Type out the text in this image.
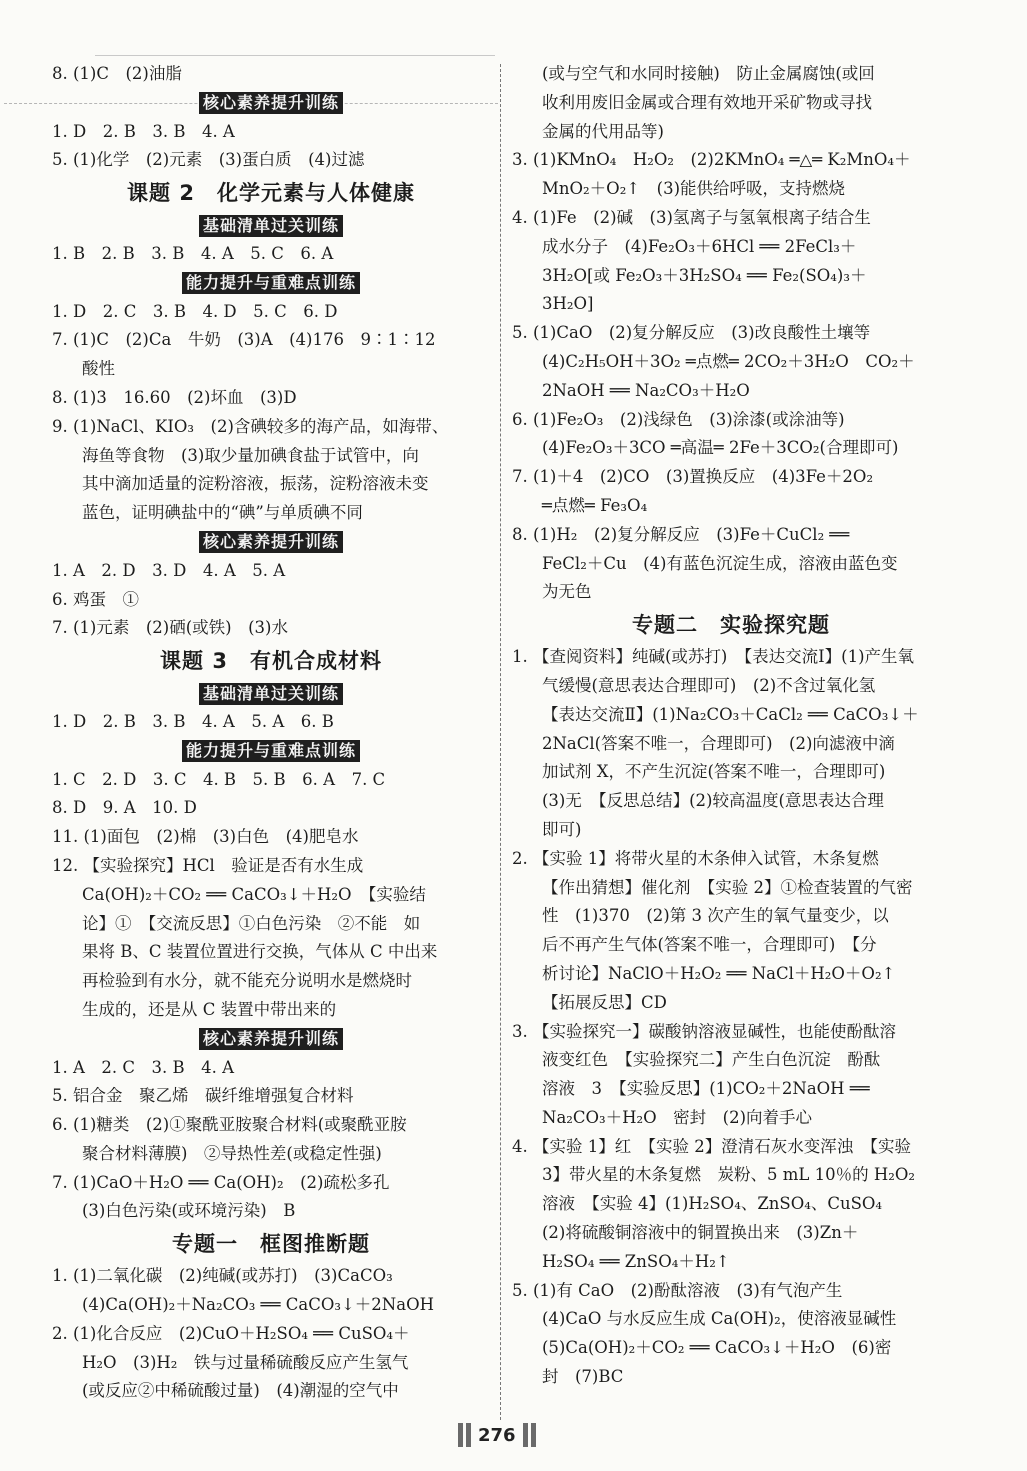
8. (1)C　(2)油脂
核心素养提升训练
1. D　2. B　3. B　4. A
5. (1)化学　(2)元素　(3)蛋白质　(4)过滤
课题 2　化学元素与人体健康
基础清单过关训练
1. B　2. B　3. B　4. A　5. C　6. A
能力提升与重难点训练
1. D　2. C　3. B　4. D　5. C　6. D
7. (1)C　(2)Ca　牛奶　(3)A　(4)176　9∶1∶12
酸性
8. (1)3　16.60　(2)坏血　(3)D
9. (1)NaCl、KIO₃　(2)含碘较多的海产品，如海带、
海鱼等食物　(3)取少量加碘食盐于试管中，向
其中滴加适量的淀粉溶液，振荡，淀粉溶液未变
蓝色，证明碘盐中的“碘”与单质碘不同
核心素养提升训练
1. A　2. D　3. D　4. A　5. A
6. 鸡蛋　①
7. (1)元素　(2)硒(或铁)　(3)水
课题 3　有机合成材料
基础清单过关训练
1. D　2. B　3. B　4. A　5. A　6. B
能力提升与重难点训练
1. C　2. D　3. C　4. B　5. B　6. A　7. C
8. D　9. A　10. D
11. (1)面包　(2)棉　(3)白色　(4)肥皂水
12. 【实验探究】HCl　验证是否有水生成
Ca(OH)₂＋CO₂ ══ CaCO₃↓＋H₂O　【实验结
论】①　【交流反思】①白色污染　②不能　如
果将 B、C 装置位置进行交换，气体从 C 中出来
再检验到有水分，就不能充分说明水是燃烧时
生成的，还是从 C 装置中带出来的
核心素养提升训练
1. A　2. C　3. B　4. A
5. 铝合金　聚乙烯　碳纤维增强复合材料
6. (1)糖类　(2)①聚酰亚胺聚合材料(或聚酰亚胺
聚合材料薄膜)　②导热性差(或稳定性强)
7. (1)CaO＋H₂O ══ Ca(OH)₂　(2)疏松多孔
(3)白色污染(或环境污染)　B
专题一　框图推断题
1. (1)二氧化碳　(2)纯碱(或苏打)　(3)CaCO₃
(4)Ca(OH)₂＋Na₂CO₃ ══ CaCO₃↓＋2NaOH
2. (1)化合反应　(2)CuO＋H₂SO₄ ══ CuSO₄＋
H₂O　(3)H₂　铁与过量稀硫酸反应产生氢气
(或反应②中稀硫酸过量)　(4)潮湿的空气中
(或与空气和水同时接触)　防止金属腐蚀(或回
收利用废旧金属或合理有效地开采矿物或寻找
金属的代用品等)
3. (1)KMnO₄　H₂O₂　(2)2KMnO₄ ═△═ K₂MnO₄＋
MnO₂＋O₂↑　(3)能供给呼吸，支持燃烧
4. (1)Fe　(2)碱　(3)氢离子与氢氧根离子结合生
成水分子　(4)Fe₂O₃＋6HCl ══ 2FeCl₃＋
3H₂O[或 Fe₂O₃＋3H₂SO₄ ══ Fe₂(SO₄)₃＋
3H₂O]
5. (1)CaO　(2)复分解反应　(3)改良酸性土壤等
(4)C₂H₅OH＋3O₂ ═点燃═ 2CO₂＋3H₂O　CO₂＋
2NaOH ══ Na₂CO₃＋H₂O
6. (1)Fe₂O₃　(2)浅绿色　(3)涂漆(或涂油等)
(4)Fe₂O₃＋3CO ═高温═ 2Fe＋3CO₂(合理即可)
7. (1)＋4　(2)CO　(3)置换反应　(4)3Fe＋2O₂
═点燃═ Fe₃O₄
8. (1)H₂　(2)复分解反应　(3)Fe＋CuCl₂ ══
FeCl₂＋Cu　(4)有蓝色沉淀生成，溶液由蓝色变
为无色
专题二　实验探究题
1. 【查阅资料】纯碱(或苏打)　【表达交流Ⅰ】(1)产生氧
气缓慢(意思表达合理即可)　(2)不含过氧化氢
【表达交流Ⅱ】(1)Na₂CO₃＋CaCl₂ ══ CaCO₃↓＋
2NaCl(答案不唯一，合理即可)　(2)向滤液中滴
加试剂 X，不产生沉淀(答案不唯一，合理即可)
(3)无　【反思总结】(2)较高温度(意思表达合理
即可)
2. 【实验 1】将带火星的木条伸入试管，木条复燃
【作出猜想】催化剂　【实验 2】①检查装置的气密
性　(1)370　(2)第 3 次产生的氧气量变少，以
后不再产生气体(答案不唯一，合理即可)　【分
析讨论】NaClO＋H₂O₂ ══ NaCl＋H₂O＋O₂↑
【拓展反思】CD
3. 【实验探究一】碳酸钠溶液显碱性，也能使酚酞溶
液变红色　【实验探究二】产生白色沉淀　酚酞
溶液　3　【实验反思】(1)CO₂＋2NaOH ══
Na₂CO₃＋H₂O　密封　(2)向着手心
4. 【实验 1】红　【实验 2】澄清石灰水变浑浊　【实验
3】带火星的木条复燃　炭粉、5 mL 10％的 H₂O₂
溶液　【实验 4】(1)H₂SO₄、ZnSO₄、CuSO₄
(2)将硫酸铜溶液中的铜置换出来　(3)Zn＋
H₂SO₄ ══ ZnSO₄＋H₂↑
5. (1)有 CaO　(2)酚酞溶液　(3)有气泡产生
(4)CaO 与水反应生成 Ca(OH)₂，使溶液显碱性
(5)Ca(OH)₂＋CO₂ ══ CaCO₃↓＋H₂O　(6)密
封　(7)BC
276
